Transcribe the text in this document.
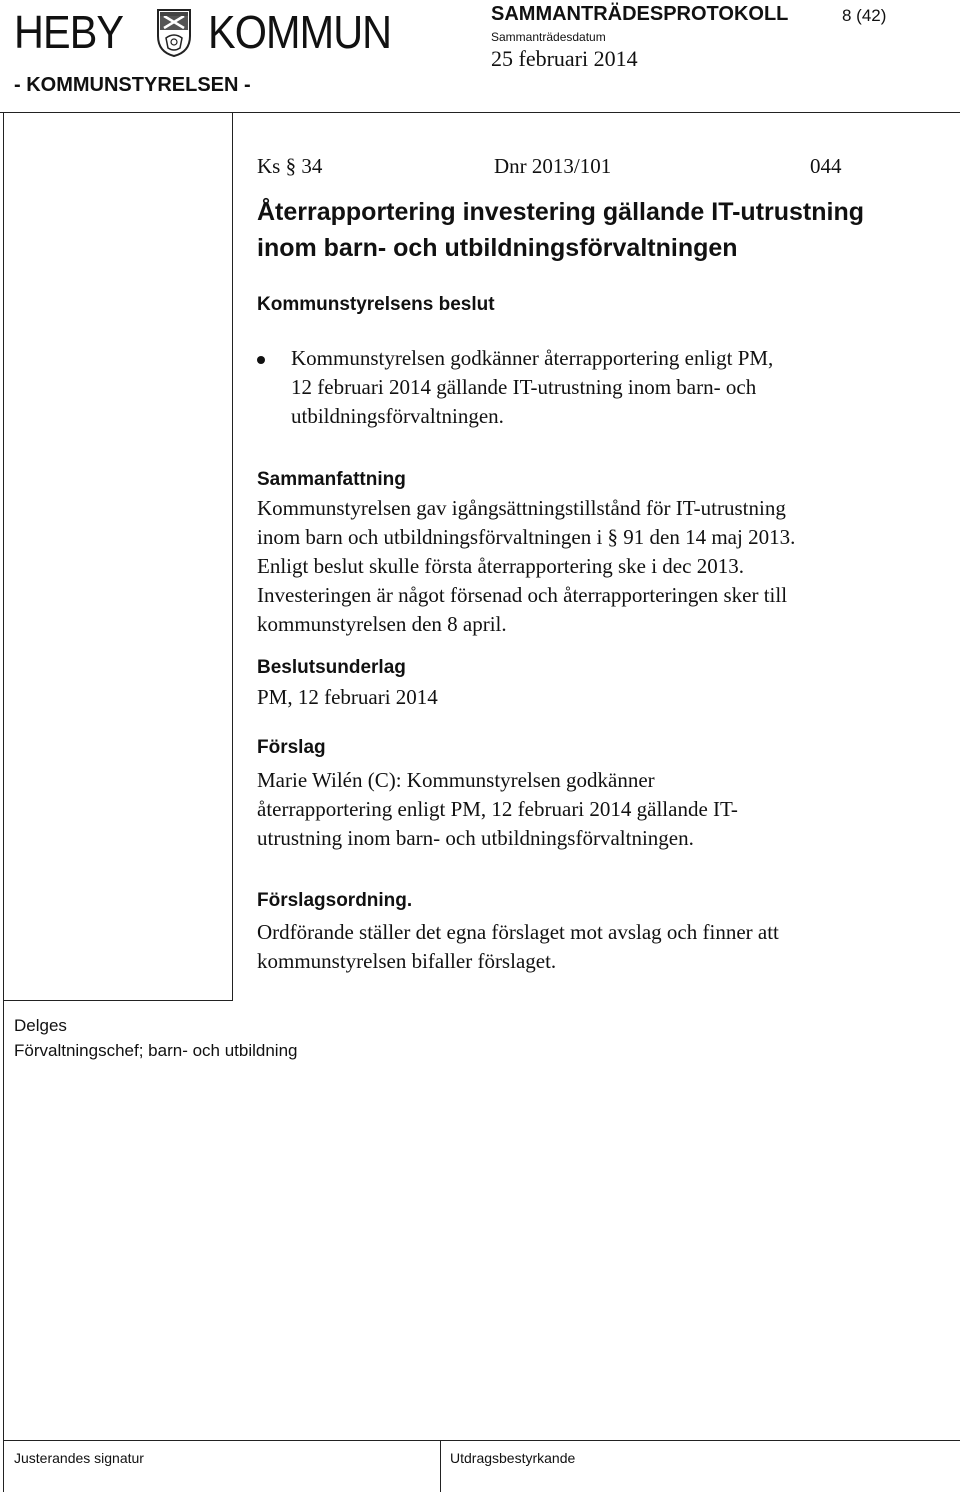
HEBY KOMMUN
- KOMMUNSTYRELSEN -
SAMMANTRÄDESPROTOKOLL	8 (42)
Sammanträdesdatum
25 februari 2014
Ks § 34	Dnr 2013/101	044
Återrapportering investering gällande IT-utrustning
inom barn- och utbildningsförvaltningen
Kommunstyrelsens beslut
Kommunstyrelsen godkänner återrapportering enligt PM,
12 februari 2014 gällande IT-utrustning inom barn- och
utbildningsförvaltningen.
Sammanfattning
Kommunstyrelsen gav igångsättningstillstånd för IT-utrustning
inom barn och utbildningsförvaltningen i § 91 den 14 maj 2013.
Enligt beslut skulle första återrapportering ske i dec 2013.
Investeringen är något försenad och återrapporteringen sker till
kommunstyrelsen den 8 april.
Beslutsunderlag
PM, 12 februari 2014
Förslag
Marie Wilén (C): Kommunstyrelsen godkänner
återrapportering enligt PM, 12 februari 2014 gällande IT-
utrustning inom barn- och utbildningsförvaltningen.
Förslagsordning.
Ordförande ställer det egna förslaget mot avslag och finner att
kommunstyrelsen bifaller förslaget.
Delges
Förvaltningschef; barn- och utbildning
Justerandes signatur	Utdragsbestyrkande
